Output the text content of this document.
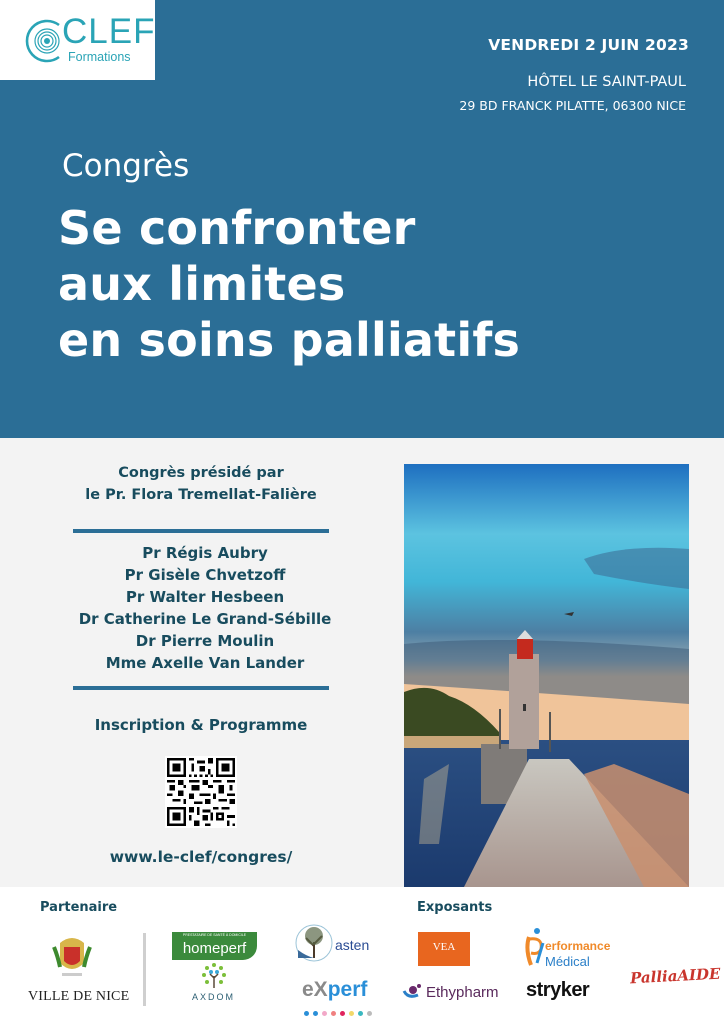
CLEF
Formations
VENDREDI 2 JUIN 2023
HÔTEL LE SAINT-PAUL
29 BD FRANCK PILATTE, 06300 NICE
Congrès
Se confronter
aux limites
en soins palliatifs
Congrès présidé par
le Pr. Flora Tremellat-Falière
Pr Régis Aubry
Pr Gisèle Chvetzoff
Pr Walter Hesbeen
Dr Catherine Le Grand-Sébille
Dr Pierre Moulin
Mme Axelle Van Lander
Inscription & Programme
www.le-clef/congres/
Partenaire
VILLE DE NICE
PRESTATAIRE DE SANTÉ À DOMICILE
homeperf
AXDOM
asten
eXperf
Exposants
VEA	erformance
Médical
Ethypharm stryker
PalliaAIDE
